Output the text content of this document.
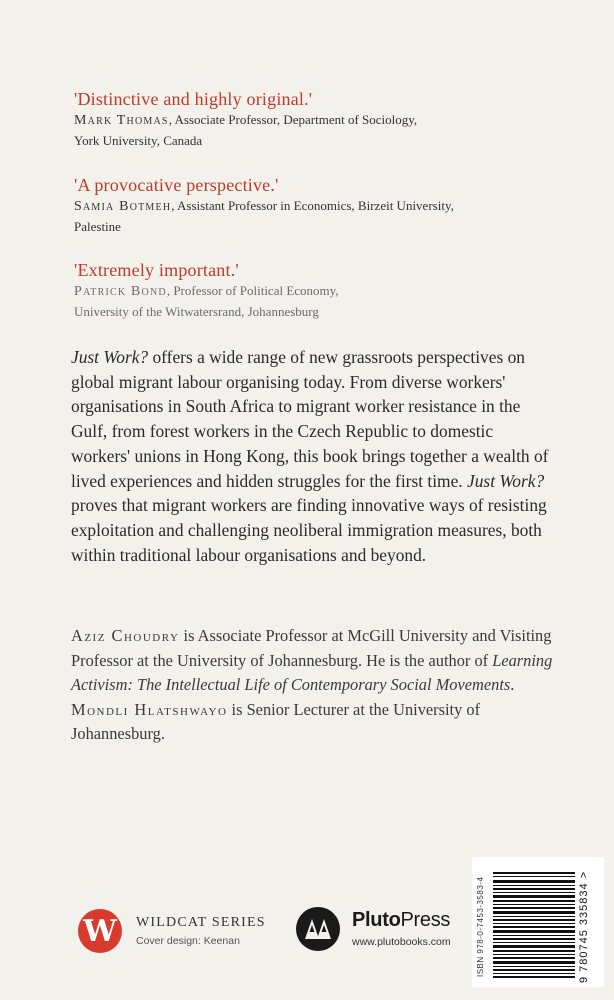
'Distinctive and highly original.'
Mark Thomas, Associate Professor, Department of Sociology,
York University, Canada
'A provocative perspective.'
Samia Botmeh, Assistant Professor in Economics, Birzeit University,
Palestine
'Extremely important.'
Patrick Bond, Professor of Political Economy,
University of the Witwatersrand, Johannesburg

Just Work? offers a wide range of new grassroots perspectives on global migrant labour organising today. From diverse workers' organisations in South Africa to migrant worker resistance in the Gulf, from forest workers in the Czech Republic to domestic workers' unions in Hong Kong, this book brings together a wealth of lived experiences and hidden struggles for the first time. Just Work? proves that migrant workers are finding innovative ways of resisting exploitation and challenging neoliberal immigration measures, both within traditional labour organisations and beyond.

Aziz Choudry is Associate Professor at McGill University and Visiting Professor at the University of Johannesburg. He is the author of Learning Activism: The Intellectual Life of Contemporary Social Movements. Mondli Hlatshwayo is Senior Lecturer at the University of Johannesburg.

W	WILDCAT SERIES
Cover design: Keenan
PlutoPress
www.plutobooks.com	ISBN 978-0-7453-3583-4	9 780745 335834 >
